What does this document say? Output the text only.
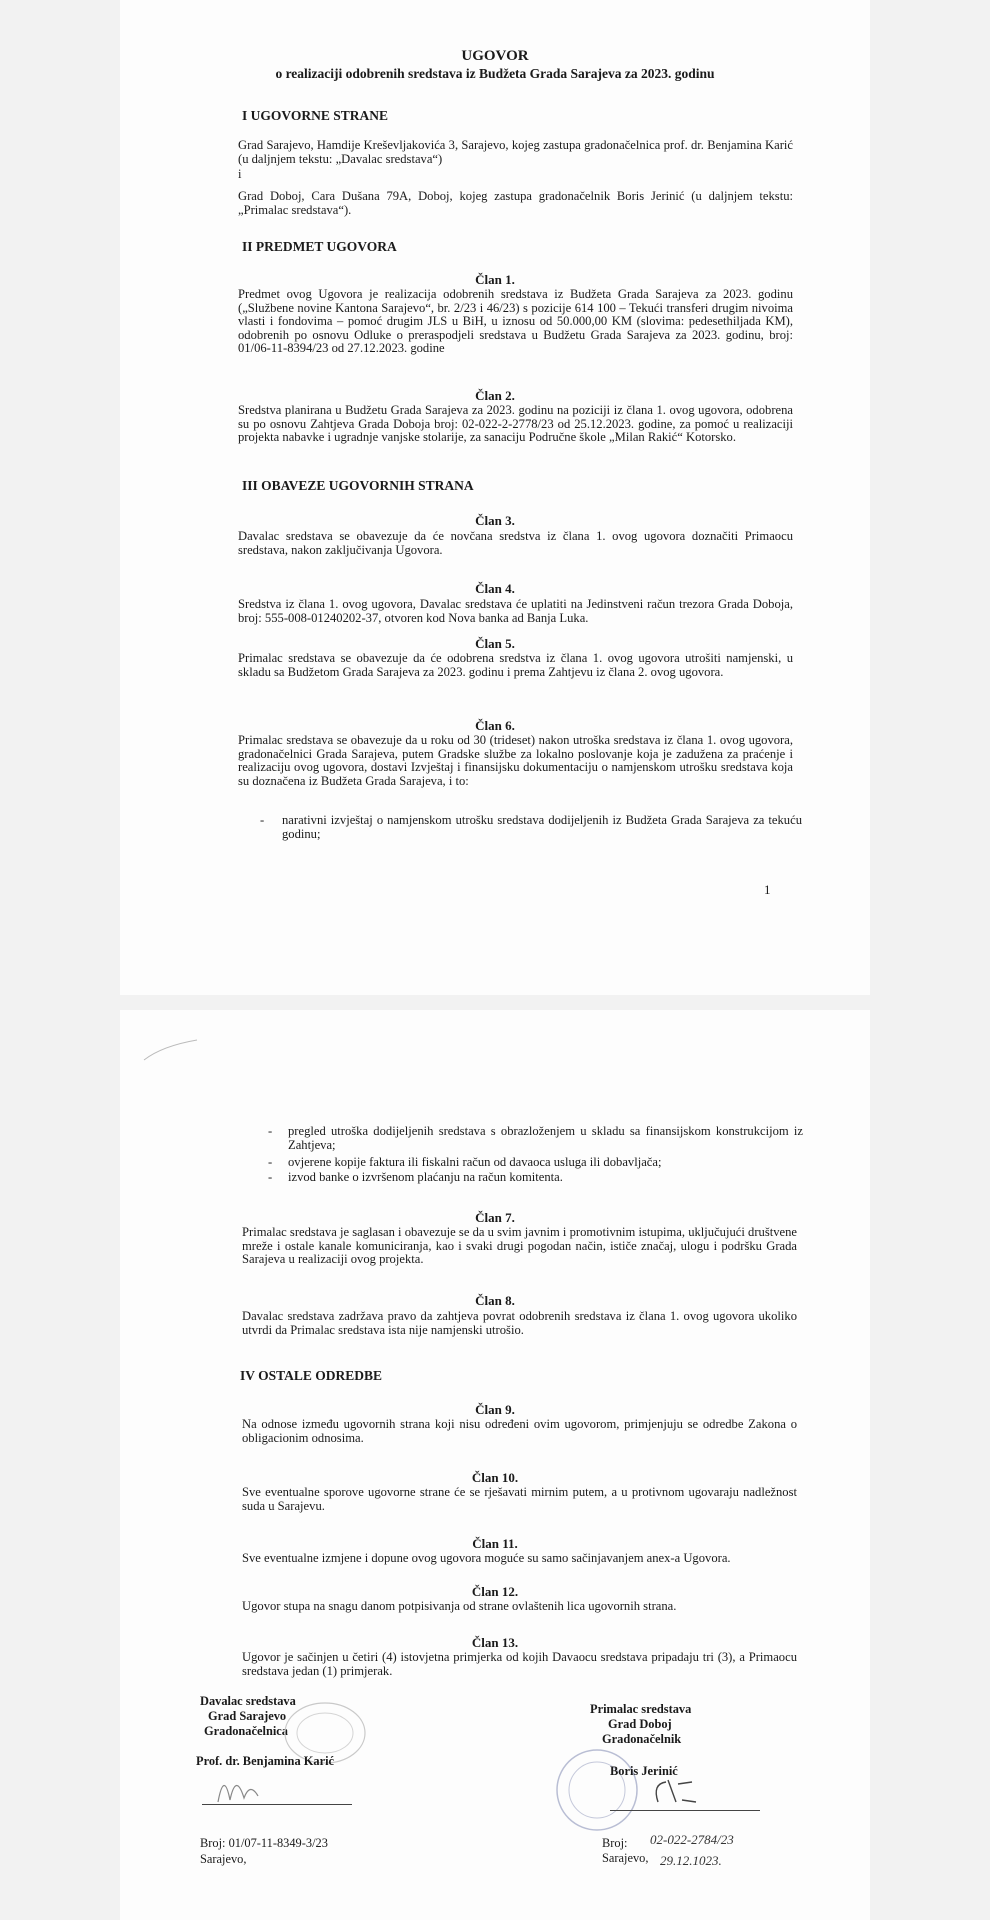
UGOVOR
o realizaciji odobrenih sredstava iz Budžeta Grada Sarajeva za 2023. godinu
I UGOVORNE STRANE
Grad Sarajevo, Hamdije Kreševljakovića 3, Sarajevo, kojeg zastupa gradonačelnica prof. dr. Benjamina Karić (u daljnjem tekstu: „Davalac sredstava“)
i
Grad Doboj, Cara Dušana 79A, Doboj, kojeg zastupa gradonačelnik Boris Jerinić (u daljnjem tekstu: „Primalac sredstava“).
II PREDMET UGOVORA
Član 1.
Predmet ovog Ugovora je realizacija odobrenih sredstava iz Budžeta Grada Sarajeva za 2023. godinu („Službene novine Kantona Sarajevo“, br. 2/23 i 46/23) s pozicije 614 100 – Tekući transferi drugim nivoima vlasti i fondovima – pomoć drugim JLS u BiH, u iznosu od 50.000,00 KM (slovima: pedesethiljada KM), odobrenih po osnovu Odluke o preraspodjeli sredstava u Budžetu Grada Sarajeva za 2023. godinu, broj: 01/06-11-8394/23 od 27.12.2023. godine
Član 2.
Sredstva planirana u Budžetu Grada Sarajeva za 2023. godinu na poziciji iz člana 1. ovog ugovora, odobrena su po osnovu Zahtjeva Grada Doboja broj: 02-022-2-2778/23 od 25.12.2023. godine, za pomoć u realizaciji projekta nabavke i ugradnje vanjske stolarije, za sanaciju Područne škole „Milan Rakić“ Kotorsko.
III OBAVEZE UGOVORNIH STRANA
Član 3.
Davalac sredstava se obavezuje da će novčana sredstva iz člana 1. ovog ugovora doznačiti Primaocu sredstava, nakon zaključivanja Ugovora.
Član 4.
Sredstva iz člana 1. ovog ugovora, Davalac sredstava će uplatiti na Jedinstveni račun trezora Grada Doboja, broj: 555-008-01240202-37, otvoren kod Nova banka ad Banja Luka.
Član 5.
Primalac sredstava se obavezuje da će odobrena sredstva iz člana 1. ovog ugovora utrošiti namjenski, u skladu sa Budžetom Grada Sarajeva za 2023. godinu i prema Zahtjevu iz člana 2. ovog ugovora.
Član 6.
Primalac sredstava se obavezuje da u roku od 30 (trideset) nakon utroška sredstava iz člana 1. ovog ugovora, gradonačelnici Grada Sarajeva, putem Gradske službe za lokalno poslovanje koja je zadužena za praćenje i realizaciju ovog ugovora, dostavi Izvještaj i finansijsku dokumentaciju o namjenskom utrošku sredstava koja su doznačena iz Budžeta Grada Sarajeva, i to:
- narativni izvještaj o namjenskom utrošku sredstava dodijeljenih iz Budžeta Grada Sarajeva za tekuću godinu;
1
- pregled utroška dodijeljenih sredstava s obrazloženjem u skladu sa finansijskom konstrukcijom iz Zahtjeva;
- ovjerene kopije faktura ili fiskalni račun od davaoca usluga ili dobavljača;
- izvod banke o izvršenom plaćanju na račun komitenta.
Član 7.
Primalac sredstava je saglasan i obavezuje se da u svim javnim i promotivnim istupima, uključujući društvene mreže i ostale kanale komuniciranja, kao i svaki drugi pogodan način, ističe značaj, ulogu i podršku Grada Sarajeva u realizaciji ovog projekta.
Član 8.
Davalac sredstava zadržava pravo da zahtjeva povrat odobrenih sredstava iz člana 1. ovog ugovora ukoliko utvrdi da Primalac sredstava ista nije namjenski utrošio.
IV OSTALE ODREDBE
Član 9.
Na odnose između ugovornih strana koji nisu određeni ovim ugovorom, primjenjuju se odredbe Zakona o obligacionim odnosima.
Član 10.
Sve eventualne sporove ugovorne strane će se rješavati mirnim putem, a u protivnom ugovaraju nadležnost suda u Sarajevu.
Član 11.
Sve eventualne izmjene i dopune ovog ugovora moguće su samo sačinjavanjem anex-a Ugovora.
Član 12.
Ugovor stupa na snagu danom potpisivanja od strane ovlaštenih lica ugovornih strana.
Član 13.
Ugovor je sačinjen u četiri (4) istovjetna primjerka od kojih Davaocu sredstava pripadaju tri (3), a Primaocu sredstava jedan (1) primjerak.
Davalac sredstava
Grad Sarajevo
Gradonačelnica
Prof. dr. Benjamina Karić
Broj: 01/07-11-8349-3/23
Sarajevo,
Primalac sredstava
Grad Doboj
Gradonačelnik
Boris Jerinić
Broj: 02-022-2784/23
Sarajevo, 29.12.1023.
